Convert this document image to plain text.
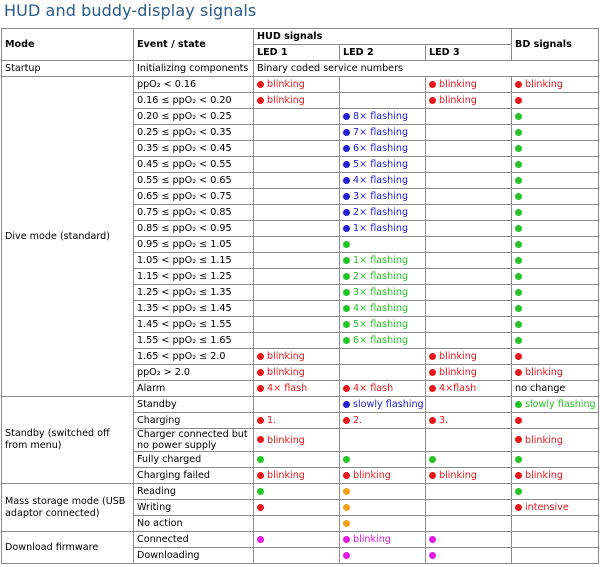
HUD and buddy-display signals
Mode	Event / state	HUD signals			BD signals
		LED 1	LED 2	LED 3	
Startup	Initializing components	Binary coded service numbers			
Dive mode (standard)	ppO₂ < 0.16	blinking		blinking	blinking
	0.16 ≤ ppO₂ < 0.20	blinking		blinking	
	0.20 ≤ ppO₂ < 0.25		8× flashing		
	0.25 ≤ ppO₂ < 0.35		7× flashing		
	0.35 ≤ ppO₂ < 0.45		6× flashing		
	0.45 ≤ ppO₂ < 0.55		5× flashing		
	0.55 ≤ ppO₂ < 0.65		4× flashing		
	0.65 ≤ ppO₂ < 0.75		3× flashing		
	0.75 ≤ ppO₂ < 0.85		2× flashing		
	0.85 ≤ ppO₂ < 0.95		1× flashing		
	0.95 ≤ ppO₂ ≤ 1.05				
	1.05 < ppO₂ ≤ 1.15		1× flashing		
	1.15 < ppO₂ ≤ 1.25		2× flashing		
	1.25 < ppO₂ ≤ 1.35		3× flashing		
	1.35 < ppO₂ ≤ 1.45		4× flashing		
	1.45 < ppO₂ ≤ 1.55		5× flashing		
	1.55 < ppO₂ ≤ 1.65		6× flashing		
	1.65 < ppO₂ ≤ 2.0	blinking		blinking	
	ppO₂ > 2.0	blinking		blinking	blinking
	Alarm	4× flash	4× flash	4×flash	no change
Standby (switched off from menu)	Standby		slowly flashing		slowly flashing
	Charging	1.	2.	3.	
	Charger connected but no power supply	blinking			blinking
	Fully charged				
	Charging failed	blinking	blinking	blinking	blinking
Mass storage mode (USB adaptor connected)	Reading				
	Writing				intensive
	No action				
Download firmware	Connected		blinking		
	Downloading				
